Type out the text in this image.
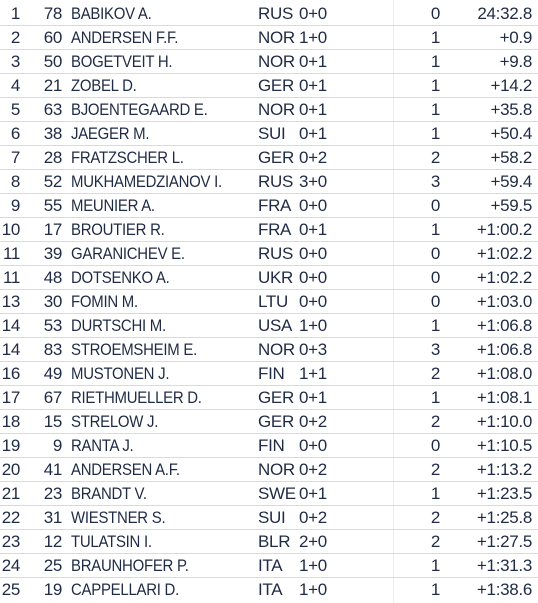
1	78 BABIKOV A.	RUS 0+0	0	24:32.8
2	60 ANDERSEN F.F.	NOR 1+0	1	+0.9
3	50 BOGETVEIT H.	NOR 0+1	1	+9.8
4	21 ZOBEL D.	GER 0+1	1	+14.2
5	63 BJOENTEGAARD E.	NOR 0+1	1	+35.8
6	38 JAEGER M.	SUI 0+1	1	+50.4
7	28 FRATZSCHER L.	GER 0+2	2	+58.2
8	52 MUKHAMEDZIANOV I. RUS 3+0	3	+59.4
9	55 MEUNIER A.	FRA 0+0	0	+59.5
10	17 BROUTIER R.	FRA 0+1	1	+1:00.2
11	39 GARANICHEV E.	RUS 0+0	0	+1:02.2
11	48 DOTSENKO A.	UKR 0+0	0	+1:02.2
13	30 FOMIN M.	LTU 0+0	0	+1:03.0
14	53 DURTSCHI M.	USA 1+0	1	+1:06.8
14	83 STROEMSHEIM E.	NOR 0+3	3	+1:06.8
16	49 MUSTONEN J.	FIN 1+1	2	+1:08.0
17	67 RIETHMUELLER D.	GER 0+1	1	+1:08.1
18	15 STRELOW J.	GER 0+2	2	+1:10.0
19	9 RANTA J.	FIN 0+0	0	+1:10.5
20	41 ANDERSEN A.F.	NOR 0+2	2	+1:13.2
21	23 BRANDT V.	SWE 0+1	1	+1:23.5
22	31 WIESTNER S.	SUI 0+2	2	+1:25.8
23	12 TULATSIN I.	BLR 2+0	2	+1:27.5
24	25 BRAUNHOFER P.	ITA 1+0	1	+1:31.3
25	19 CAPPELLARI D.	ITA 1+0	1	+1:38.6
